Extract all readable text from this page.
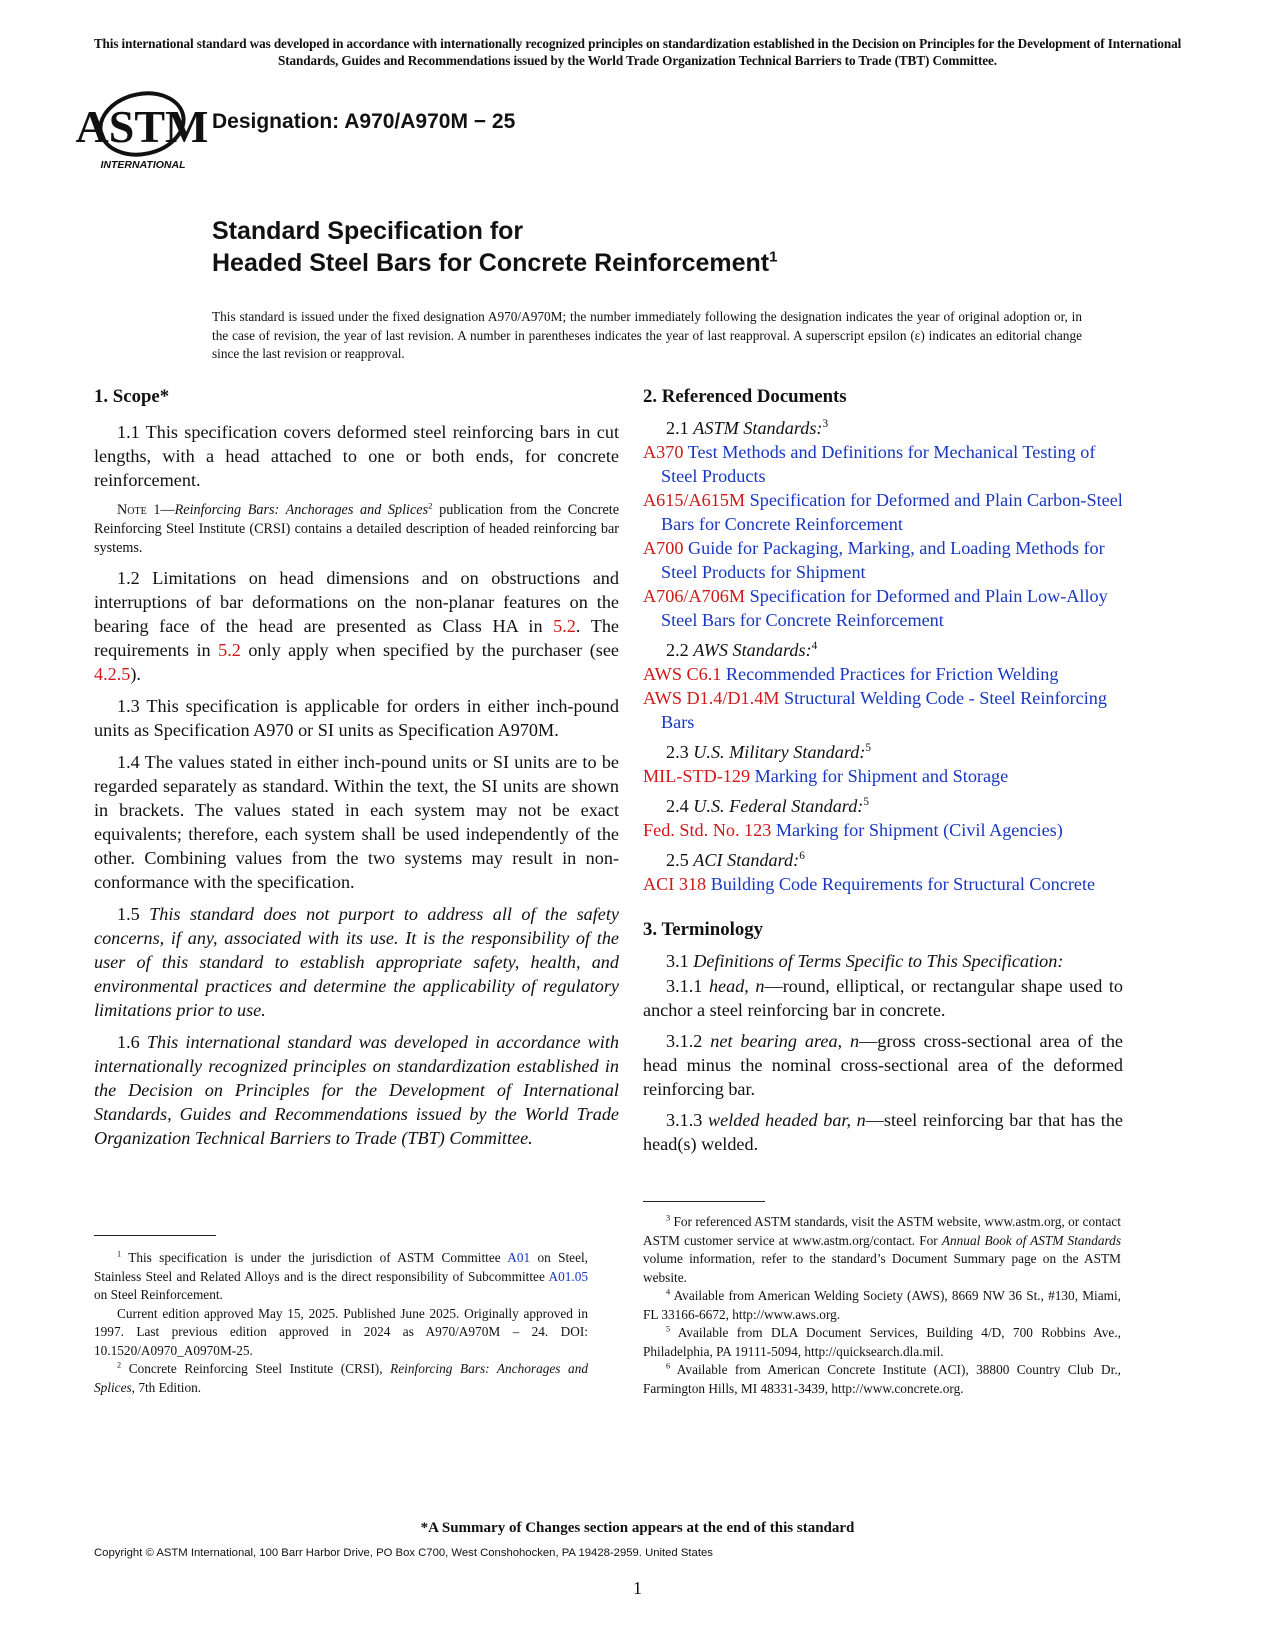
This international standard was developed in accordance with internationally recognized principles on standardization established in the Decision on Principles for the Development of International Standards, Guides and Recommendations issued by the World Trade Organization Technical Barriers to Trade (TBT) Committee.
ASTM
INTERNATIONAL
Designation: A970/A970M − 25
Standard Specification for
Headed Steel Bars for Concrete Reinforcement$^1$
This standard is issued under the fixed designation A970/A970M; the number immediately following the designation indicates the year of original adoption or, in the case of revision, the year of last revision. A number in parentheses indicates the year of last reapproval. A superscript epsilon (ε) indicates an editorial change since the last revision or reapproval.

1. Scope*

1.1 This specification covers deformed steel reinforcing bars in cut lengths, with a head attached to one or both ends, for concrete reinforcement.

Note 1—Reinforcing Bars: Anchorages and Splices$^2$ publication from the Concrete Reinforcing Steel Institute (CRSI) contains a detailed description of headed reinforcing bar systems.

1.2 Limitations on head dimensions and on obstructions and interruptions of bar deformations on the non-planar features on the bearing face of the head are presented as Class HA in 5.2. The requirements in 5.2 only apply when specified by the purchaser (see 4.2.5).

1.3 This specification is applicable for orders in either inch-pound units as Specification A970 or SI units as Specification A970M.

1.4 The values stated in either inch-pound units or SI units are to be regarded separately as standard. Within the text, the SI units are shown in brackets. The values stated in each system may not be exact equivalents; therefore, each system shall be used independently of the other. Combining values from the two systems may result in non-conformance with the specification.

1.5 This standard does not purport to address all of the safety concerns, if any, associated with its use. It is the responsibility of the user of this standard to establish appropriate safety, health, and environmental practices and determine the applicability of regulatory limitations prior to use.

1.6 This international standard was developed in accordance with internationally recognized principles on standardization established in the Decision on Principles for the Development of International Standards, Guides and Recommendations issued by the World Trade Organization Technical Barriers to Trade (TBT) Committee.

$^1$ This specification is under the jurisdiction of ASTM Committee A01 on Steel, Stainless Steel and Related Alloys and is the direct responsibility of Subcommittee A01.05 on Steel Reinforcement.

Current edition approved May 15, 2025. Published June 2025. Originally approved in 1997. Last previous edition approved in 2024 as A970/A970M – 24. DOI: 10.1520/A0970_A0970M-25.

$^2$ Concrete Reinforcing Steel Institute (CRSI), Reinforcing Bars: Anchorages and Splices, 7th Edition.

2. Referenced Documents

2.1 ASTM Standards:$^3$

A370 Test Methods and Definitions for Mechanical Testing of Steel Products

A615/A615M Specification for Deformed and Plain Carbon-Steel Bars for Concrete Reinforcement

A700 Guide for Packaging, Marking, and Loading Methods for Steel Products for Shipment

A706/A706M Specification for Deformed and Plain Low-Alloy Steel Bars for Concrete Reinforcement

2.2 AWS Standards:$^4$

AWS C6.1 Recommended Practices for Friction Welding

AWS D1.4/D1.4M Structural Welding Code - Steel Reinforcing Bars

2.3 U.S. Military Standard:$^5$

MIL-STD-129 Marking for Shipment and Storage

2.4 U.S. Federal Standard:$^5$

Fed. Std. No. 123 Marking for Shipment (Civil Agencies)

2.5 ACI Standard:$^6$

ACI 318 Building Code Requirements for Structural Concrete

3. Terminology

3.1 Definitions of Terms Specific to This Specification:

3.1.1 head, n—round, elliptical, or rectangular shape used to anchor a steel reinforcing bar in concrete.

3.1.2 net bearing area, n—gross cross-sectional area of the head minus the nominal cross-sectional area of the deformed reinforcing bar.

3.1.3 welded headed bar, n—steel reinforcing bar that has the head(s) welded.

$^3$ For referenced ASTM standards, visit the ASTM website, www.astm.org, or contact ASTM customer service at www.astm.org/contact. For Annual Book of ASTM Standards volume information, refer to the standard’s Document Summary page on the ASTM website.

$^4$ Available from American Welding Society (AWS), 8669 NW 36 St., #130, Miami, FL 33166-6672, http://www.aws.org.

$^5$ Available from DLA Document Services, Building 4/D, 700 Robbins Ave., Philadelphia, PA 19111-5094, http://quicksearch.dla.mil.

$^6$ Available from American Concrete Institute (ACI), 38800 Country Club Dr., Farmington Hills, MI 48331-3439, http://www.concrete.org.

*A Summary of Changes section appears at the end of this standard
Copyright © ASTM International, 100 Barr Harbor Drive, PO Box C700, West Conshohocken, PA 19428-2959. United States
1
